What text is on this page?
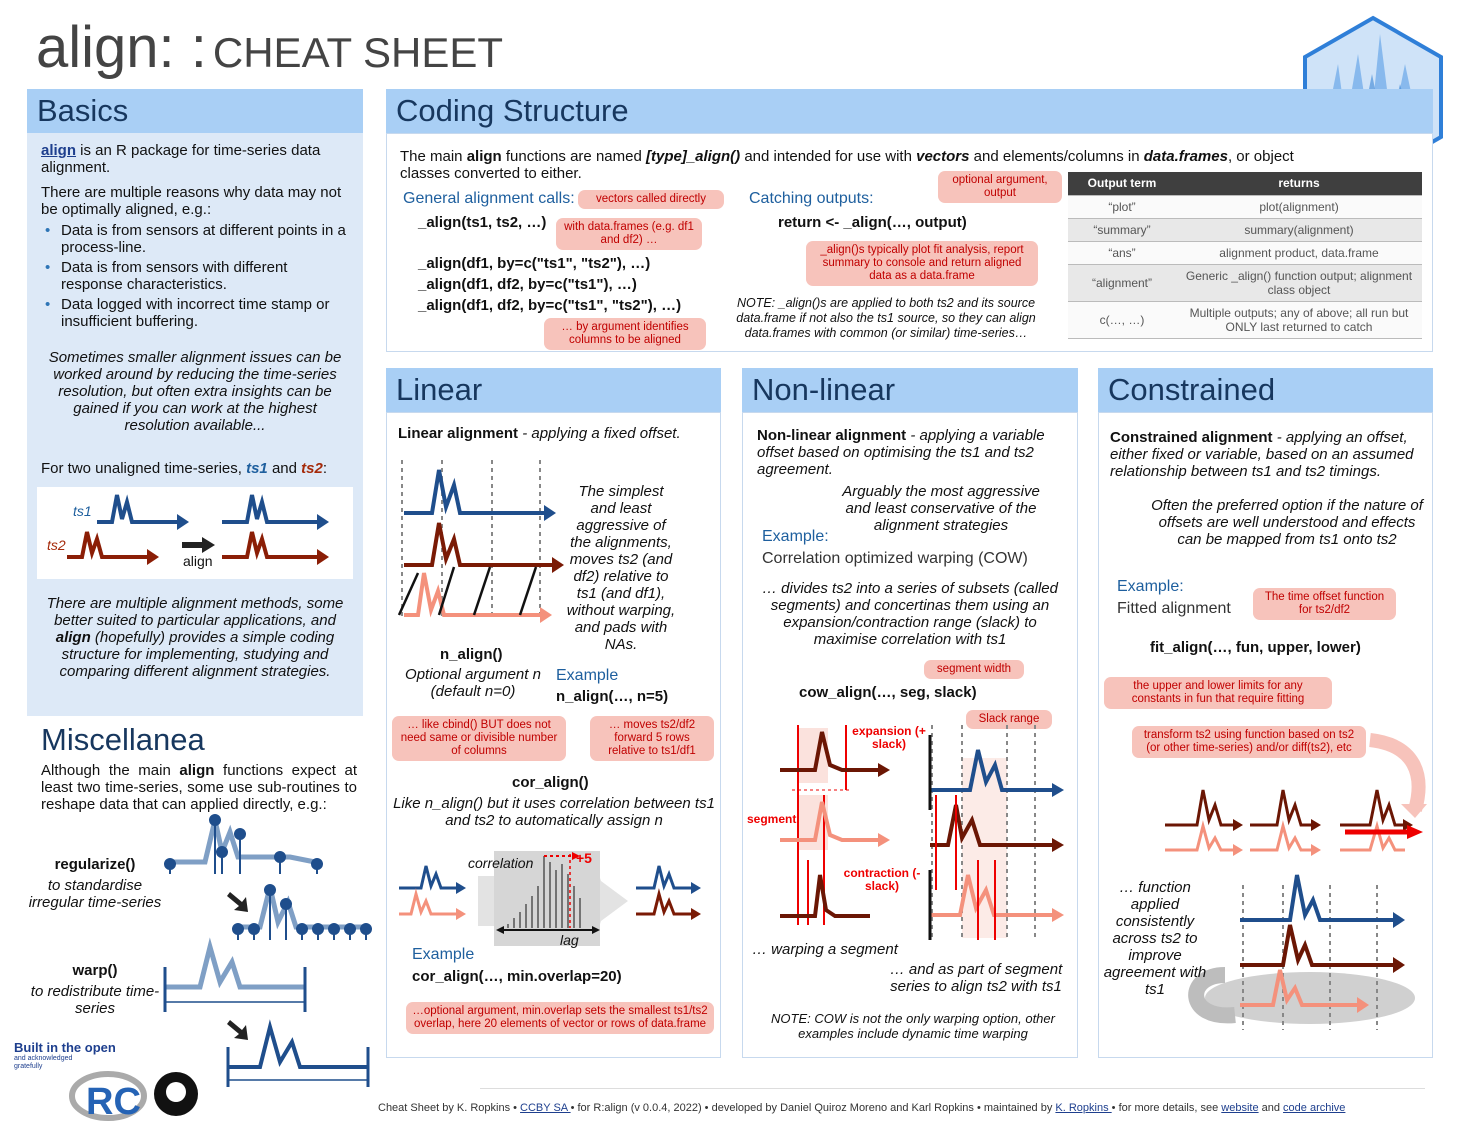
align: : CHEAT SHEET
Basics
align is an R package for time-series data alignment.
There are multiple reasons why data may not be optimally aligned, e.g.:
• Data is from sensors at different points in a process-line.
• Data is from sensors with different response characteristics.
• Data logged with incorrect time stamp or insufficient buffering.
Sometimes smaller alignment issues can be worked around by reducing the time-series resolution, but often extra insights can be gained if you can work at the highest resolution available...
For two unaligned time-series, ts1 and ts2:
ts1
ts2
align
There are multiple alignment methods, some better suited to particular applications, and align (hopefully) provides a simple coding structure for implementing, studying and comparing different alignment strategies.
Miscellanea
Although the main align functions expect at least two time-series, some use sub-routines to reshape data that can applied directly, e.g.:
regularize()
to standardise irregular time-series
warp()
to redistribute time-series
Built in the open
and acknowledged gratefully
RC
Coding Structure
The main align functions are named [type]_align() and intended for use with vectors and elements/columns in data.frames, or object classes converted to either.
General alignment calls:	vectors called directly
_align(ts1, ts2, …)	with data.frames (e.g. df1 and df2) …
_align(df1, by=c("ts1", "ts2"), …)
_align(df1, df2, by=c("ts1"), …)
_align(df1, df2, by=c("ts1", "ts2"), …)
… by argument identifies columns to be aligned
Catching outputs:
optional argument, output
return <- _align(…, output)
_align()s typically plot fit analysis, report summary to console and return aligned data as a data.frame
NOTE: _align()s are applied to both ts2 and its source data.frame if not also the ts1 source, so they can align data.frames with common (or similar) time-series…
Output term	returns
“plot”	plot(alignment)
“summary”	summary(alignment)
“ans”	alignment product, data.frame
“alignment”	Generic _align() function output; alignment class object
c(…, …)	Multiple outputs; any of above; all run but ONLY last returned to catch
Linear
Linear alignment - applying a fixed offset.
The simplest and least aggressive of the alignments, moves ts2 (and df2) relative to ts1 (and df1), without warping, and pads with NAs.
n_align()
Optional argument n (default n=0)
Example
n_align(…, n=5)
… like cbind() BUT does not need same or divisible number of columns
… moves ts2/df2 forward 5 rows relative to ts1/df1
cor_align()
Like n_align() but it uses correlation between ts1 and ts2 to automatically assign n
correlation	+5
lag
Example
cor_align(…, min.overlap=20)
…optional argument, min.overlap sets the smallest ts1/ts2 overlap, here 20 elements of vector or rows of data.frame
Non-linear
Non-linear alignment - applying a variable offset based on optimising the ts1 and ts2 agreement.
Arguably the most aggressive and least conservative of the alignment strategies
Example:
Correlation optimized warping (COW)
… divides ts2 into a series of subsets (called segments) and concertinas them using an expansion/contraction range (slack) to maximise correlation with ts1
segment width
cow_align(…, seg, slack)
Slack range
expansion (+ slack)
segment
contraction (- slack)
… warping a segment
… and as part of segment series to align ts2 with ts1
NOTE: COW is not the only warping option, other examples include dynamic time warping
Constrained
Constrained alignment - applying an offset, either fixed or variable, based on an assumed relationship between ts1 and ts2 timings.
Often the preferred option if the nature of offsets are well understood and effects can be mapped from ts1 onto ts2
Example:
Fitted alignment
The time offset function for ts2/df2
fit_align(…, fun, upper, lower)
the upper and lower limits for any constants in fun that require fitting
transform ts2 using function based on ts2 (or other time-series) and/or diff(ts2), etc
… function applied consistently across ts2 to improve agreement with ts1
Cheat Sheet by K. Ropkins • CCBY SA • for R:align (v 0.0.4, 2022) • developed by Daniel Quiroz Moreno and Karl Ropkins • maintained by K. Ropkins • for more details, see website and code archive
